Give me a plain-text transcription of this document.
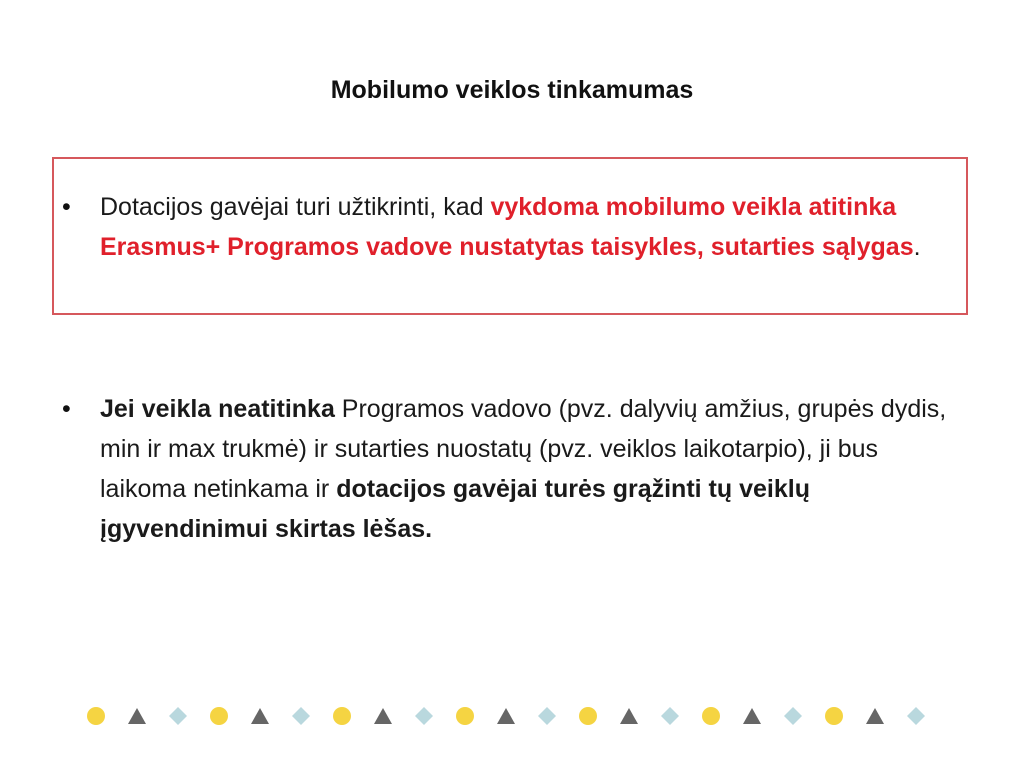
Mobilumo veiklos tinkamumas
• Dotacijos gavėjai turi užtikrinti, kad vykdoma mobilumo veikla atitinka Erasmus+ Programos vadove nustatytas taisykles, sutarties sąlygas.

• Jei veikla neatitinka Programos vadovo (pvz. dalyvių amžius, grupės dydis, min ir max trukmė) ir sutarties nuostatų (pvz. veiklos laikotarpio), ji bus laikoma netinkama ir dotacijos gavėjai turės grąžinti tų veiklų įgyvendinimui skirtas lėšas.
